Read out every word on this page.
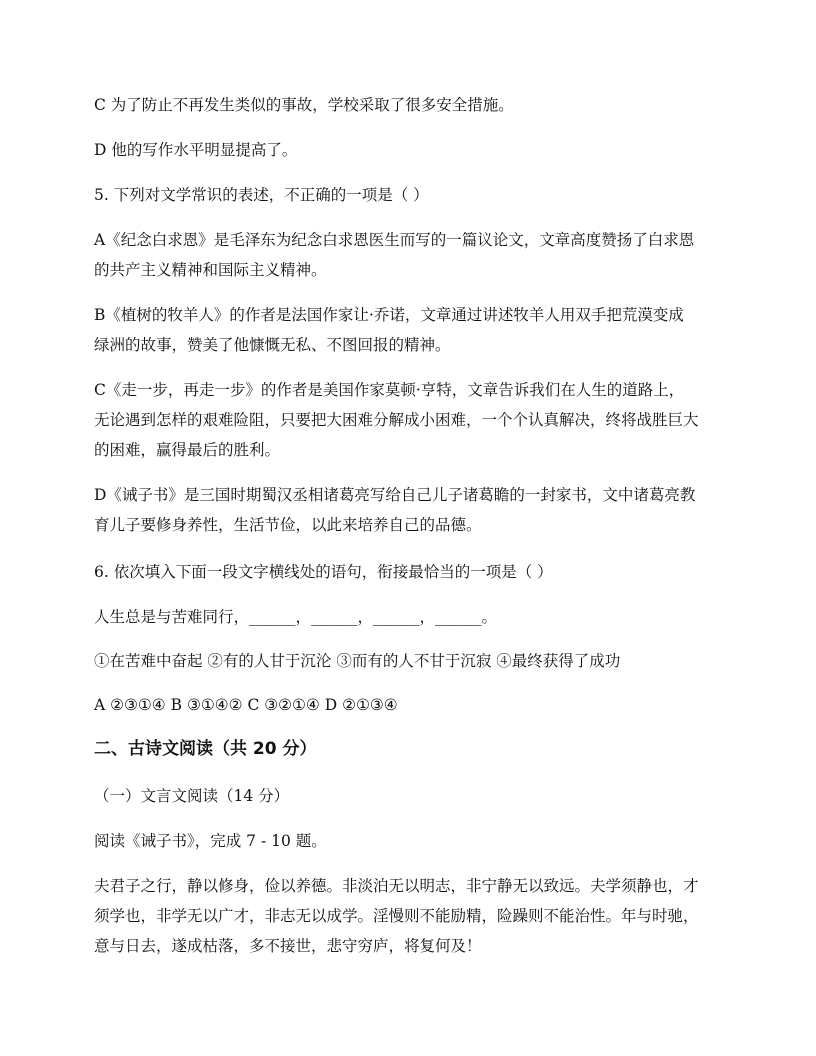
C 为了防止不再发生类似的事故，学校采取了很多安全措施。
D 他的写作水平明显提高了。
5. 下列对文学常识的表述，不正确的一项是（ ）
A《纪念白求恩》是毛泽东为纪念白求恩医生而写的一篇议论文，文章高度赞扬了白求恩
的共产主义精神和国际主义精神。
B《植树的牧羊人》的作者是法国作家让·乔诺，文章通过讲述牧羊人用双手把荒漠变成
绿洲的故事，赞美了他慷慨无私、不图回报的精神。
C《走一步，再走一步》的作者是美国作家莫顿·亨特，文章告诉我们在人生的道路上，
无论遇到怎样的艰难险阻，只要把大困难分解成小困难，一个个认真解决，终将战胜巨大
的困难，赢得最后的胜利。
D《诫子书》是三国时期蜀汉丞相诸葛亮写给自己儿子诸葛瞻的一封家书，文中诸葛亮教
育儿子要修身养性，生活节俭，以此来培养自己的品德。
6. 依次填入下面一段文字横线处的语句，衔接最恰当的一项是（ ）
人生总是与苦难同行，______，______，______，______。
①在苦难中奋起 ②有的人甘于沉沦 ③而有的人不甘于沉寂 ④最终获得了成功
A ②③①④ B ③①④② C ③②①④ D ②①③④
二、古诗文阅读（共 20 分）
（一）文言文阅读（14 分）
阅读《诫子书》，完成 7 - 10 题。
夫君子之行，静以修身，俭以养德。非淡泊无以明志，非宁静无以致远。夫学须静也，才
须学也，非学无以广才，非志无以成学。淫慢则不能励精，险躁则不能治性。年与时驰，
意与日去，遂成枯落，多不接世，悲守穷庐，将复何及！
